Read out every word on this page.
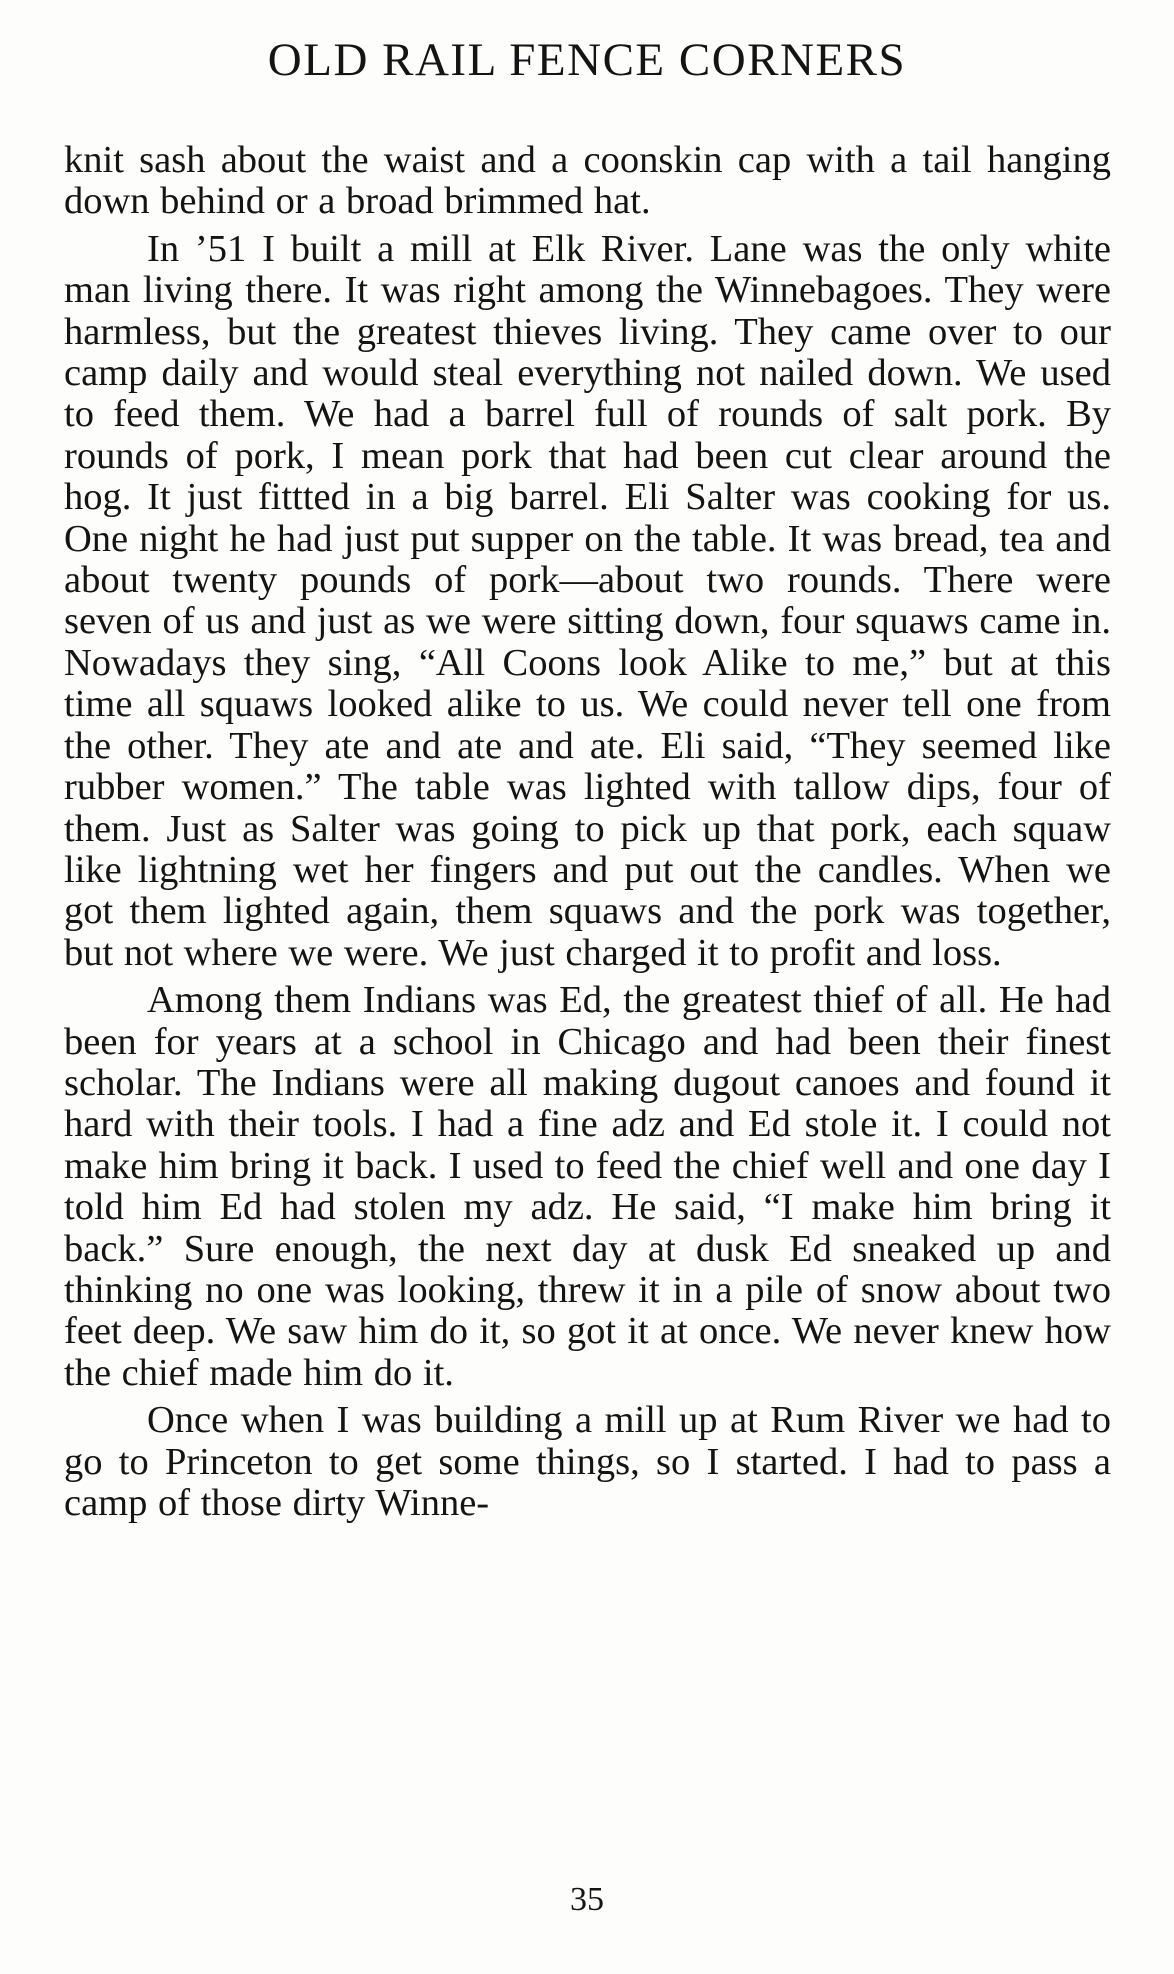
OLD RAIL FENCE CORNERS

knit sash about the waist and a coonskin cap with a tail hanging down behind or a broad brimmed hat.

In ’51 I built a mill at Elk River. Lane was the only white man living there. It was right among the Winnebagoes. They were harmless, but the greatest thieves living. They came over to our camp daily and would steal everything not nailed down. We used to feed them. We had a barrel full of rounds of salt pork. By rounds of pork, I mean pork that had been cut clear around the hog. It just fittted in a big barrel. Eli Salter was cooking for us. One night he had just put supper on the table. It was bread, tea and about twenty pounds of pork—about two rounds. There were seven of us and just as we were sitting down, four squaws came in. Nowadays they sing, “All Coons look Alike to me,” but at this time all squaws looked alike to us. We could never tell one from the other. They ate and ate and ate. Eli said, “They seemed like rubber women.” The table was lighted with tallow dips, four of them. Just as Salter was going to pick up that pork, each squaw like lightning wet her fingers and put out the candles. When we got them lighted again, them squaws and the pork was together, but not where we were. We just charged it to profit and loss.

Among them Indians was Ed, the greatest thief of all. He had been for years at a school in Chicago and had been their finest scholar. The Indians were all making dugout canoes and found it hard with their tools. I had a fine adz and Ed stole it. I could not make him bring it back. I used to feed the chief well and one day I told him Ed had stolen my adz. He said, “I make him bring it back.” Sure enough, the next day at dusk Ed sneaked up and thinking no one was looking, threw it in a pile of snow about two feet deep. We saw him do it, so got it at once. We never knew how the chief made him do it.

Once when I was building a mill up at Rum River we had to go to Princeton to get some things, so I started. I had to pass a camp of those dirty Winne-

35
